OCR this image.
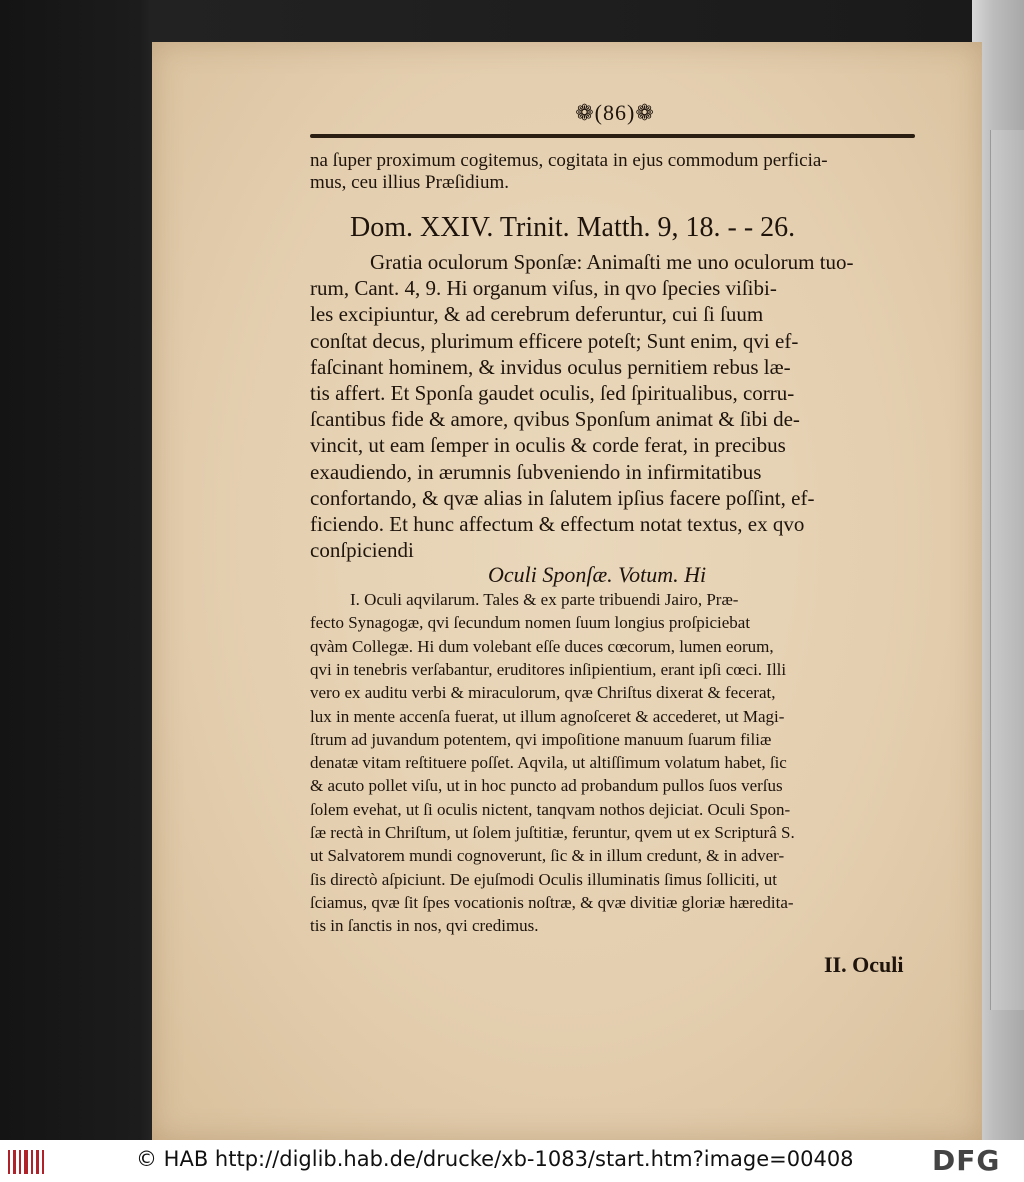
❁(86)❁
na ſuper proximum cogitemus, cogitata in ejus commodum perficia-
mus, ceu illius Præſidium.
Dom. XXIV. Trinit. Matth. 9, 18. - - 26.
Gratia oculorum Sponſæ: Animaſti me uno oculorum tuo-
rum, Cant. 4, 9. Hi organum viſus, in qvo ſpecies viſibi-
les excipiuntur, & ad cerebrum deferuntur, cui ſi ſuum
conſtat decus, plurimum efficere poteſt; Sunt enim, qvi ef-
faſcinant hominem, & invidus oculus pernitiem rebus læ-
tis affert. Et Sponſa gaudet oculis, ſed ſpiritualibus, corru-
ſcantibus fide & amore, qvibus Sponſum animat & ſibi de-
vincit, ut eam ſemper in oculis & corde ferat, in precibus
exaudiendo, in ærumnis ſubveniendo in infirmitatibus
confortando, & qvæ alias in ſalutem ipſius facere poſſint, ef-
ficiendo. Et hunc affectum & effectum notat textus, ex qvo
conſpiciendi
Oculi Sponſæ. Votum. Hi
I. Oculi aqvilarum. Tales & ex parte tribuendi Jairo, Præ-
fecto Synagogæ, qvi ſecundum nomen ſuum longius proſpiciebat
qvàm Collegæ. Hi dum volebant eſſe duces cœcorum, lumen eorum,
qvi in tenebris verſabantur, eruditores inſipientium, erant ipſi cœci. Illi
vero ex auditu verbi & miraculorum, qvæ Chriſtus dixerat & fecerat,
lux in mente accenſa fuerat, ut illum agnoſceret & accederet, ut Magi-
ſtrum ad juvandum potentem, qvi impoſitione manuum ſuarum filiæ
denatæ vitam reſtituere poſſet. Aqvila, ut altiſſimum volatum habet, ſic
& acuto pollet viſu, ut in hoc puncto ad probandum pullos ſuos verſus
ſolem evehat, ut ſi oculis nictent, tanqvam nothos dejiciat. Oculi Spon-
ſæ rectà in Chriſtum, ut ſolem juſtitiæ, feruntur, qvem ut ex Scripturâ S.
ut Salvatorem mundi cognoverunt, ſic & in illum credunt, & in adver-
ſis directò aſpiciunt. De ejuſmodi Oculis illuminatis ſimus ſolliciti, ut
ſciamus, qvæ ſit ſpes vocationis noſtræ, & qvæ divitiæ gloriæ hæredita-
tis in ſanctis in nos, qvi credimus.
II. Oculi
© HAB http://diglib.hab.de/drucke/xb-1083/start.htm?image=00408	DFG
